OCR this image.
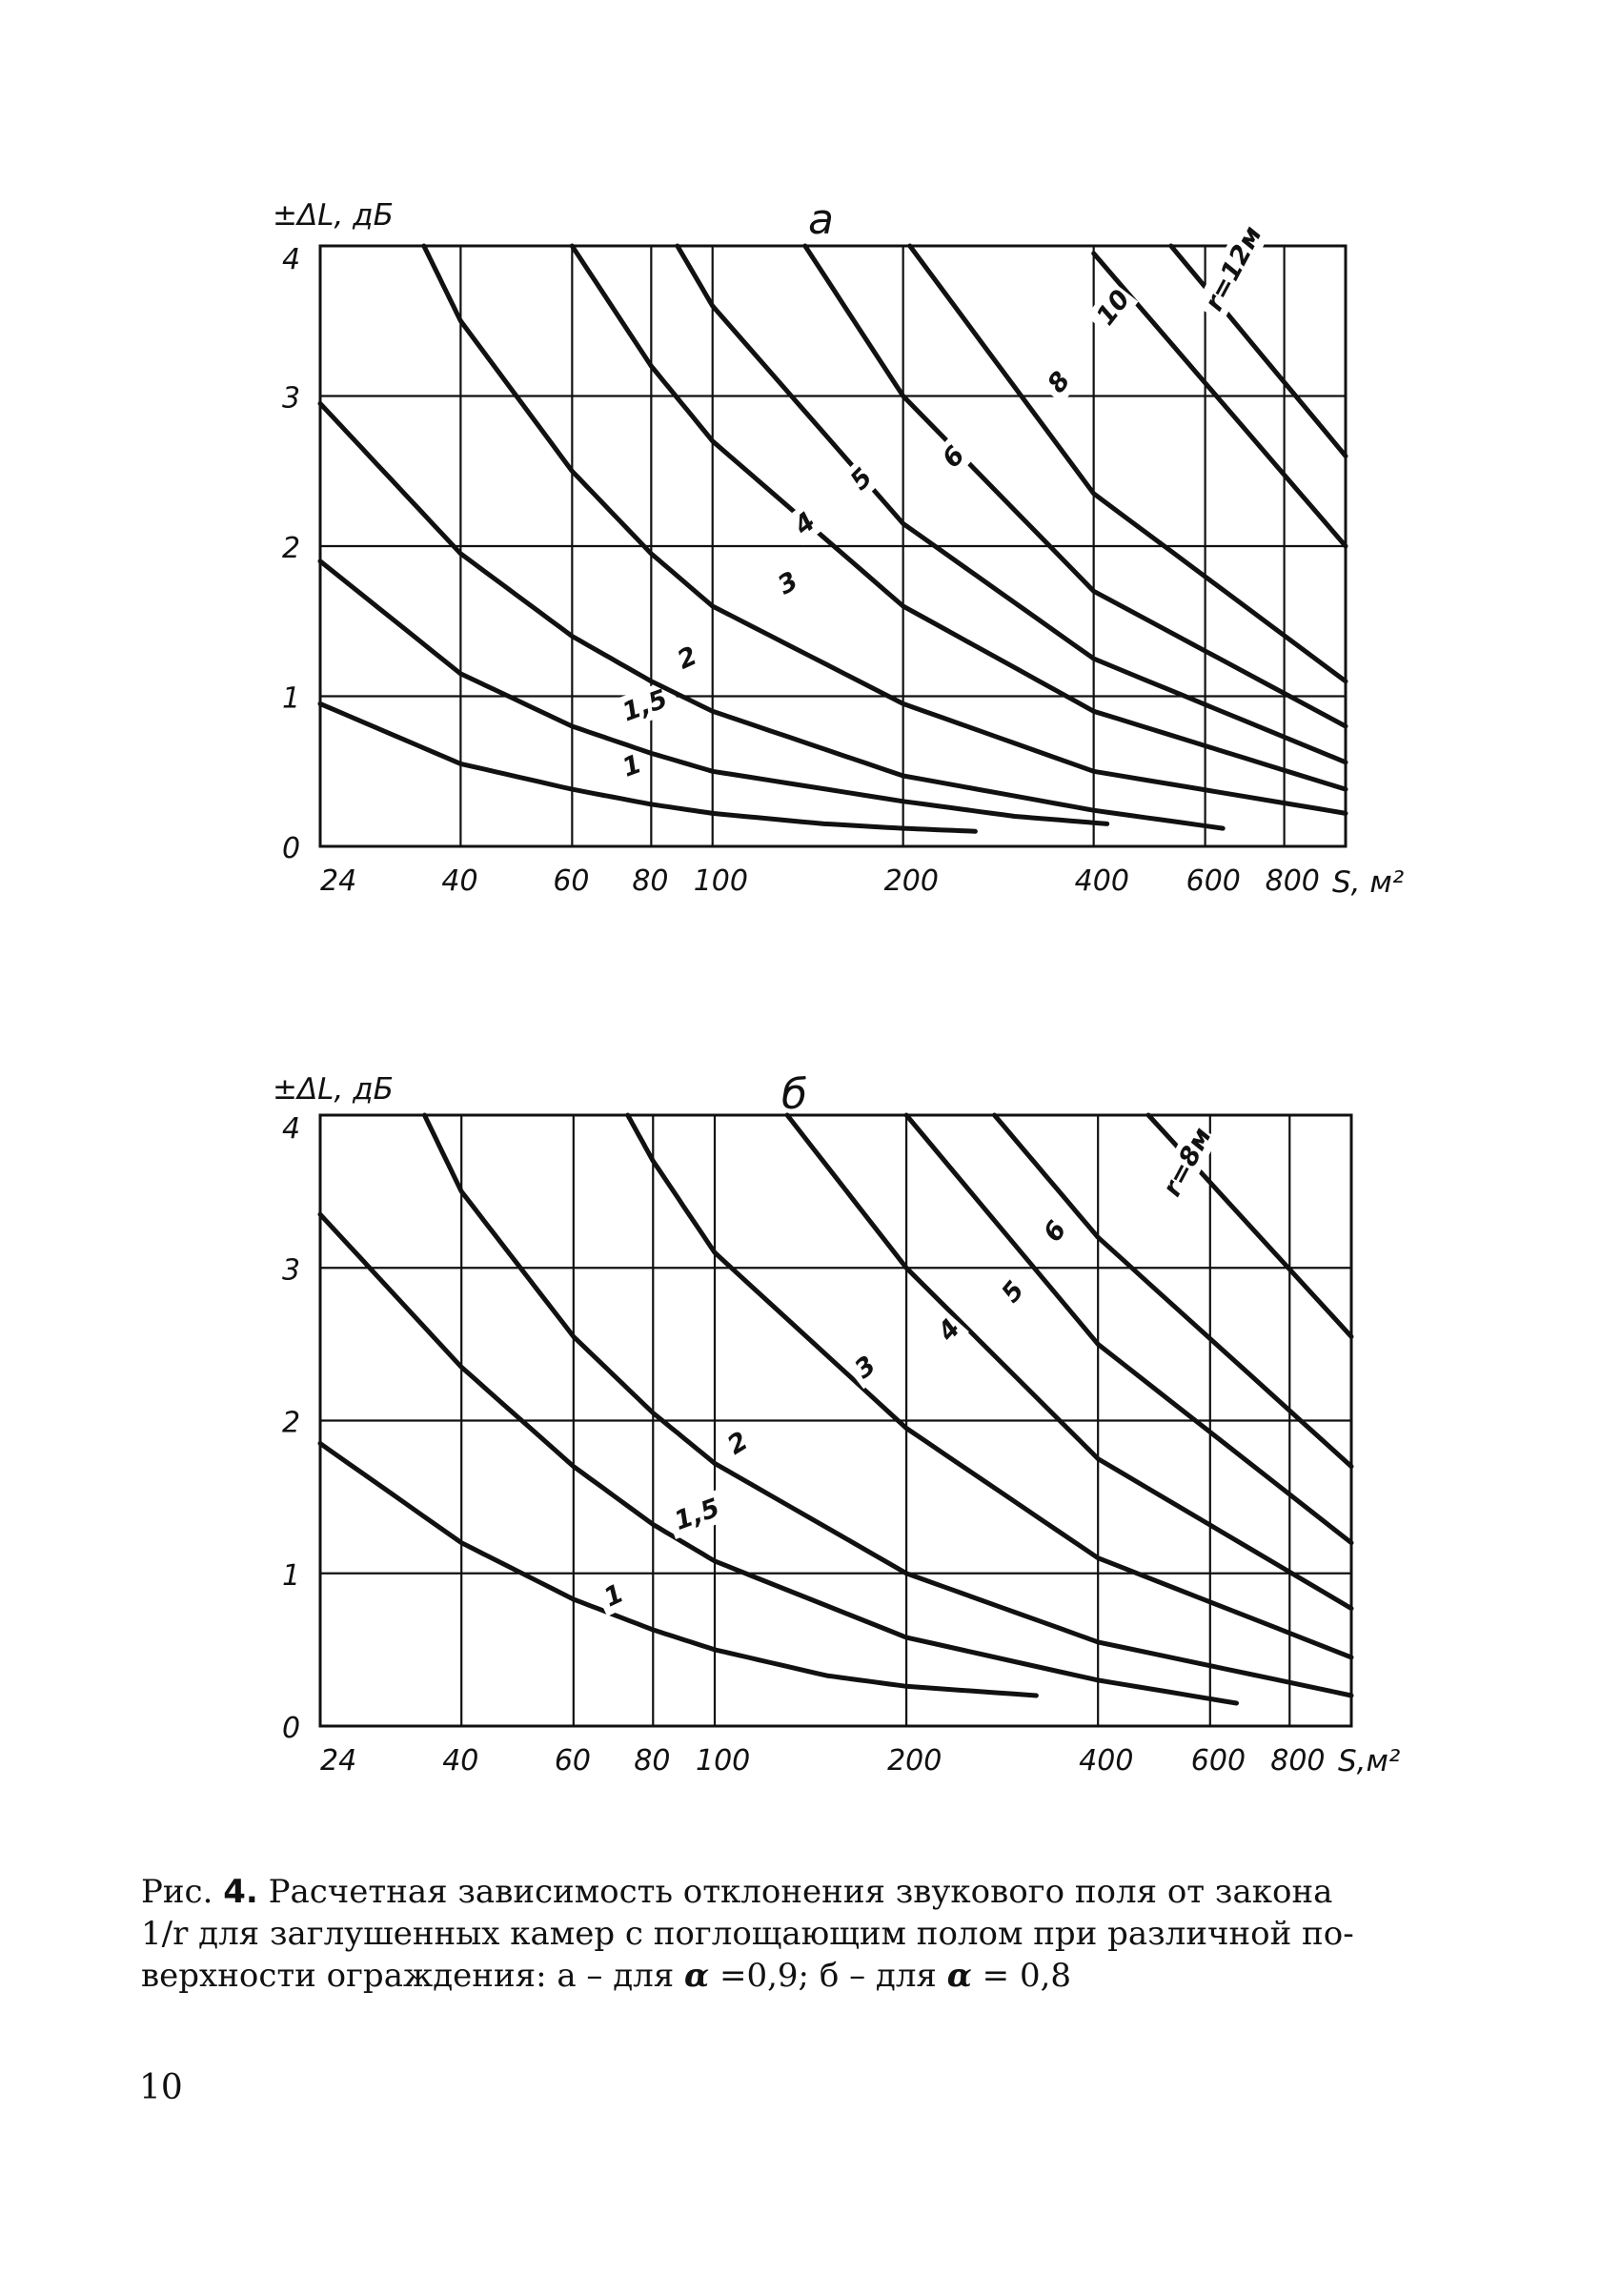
24	40	60 80 100	200	400 600 800
0
1
2
3
4
±ΔL, дБ
S, м²
а
1
1,5
2
3
4
5
6
8
10 r=12м
24	40	60 80 100	200	400 600 800
0
1
2
3
4
±ΔL, дБ
S,м²
б
1
1,5
2
3
4
5
6
r=8м
Рис. 4. Расчетная зависимость отклонения звукового поля от закона
1/r для заглушенных камер с поглощающим полом при различной по-
верхности ограждения: а – для α =0,9; б – для α = 0,8
10
